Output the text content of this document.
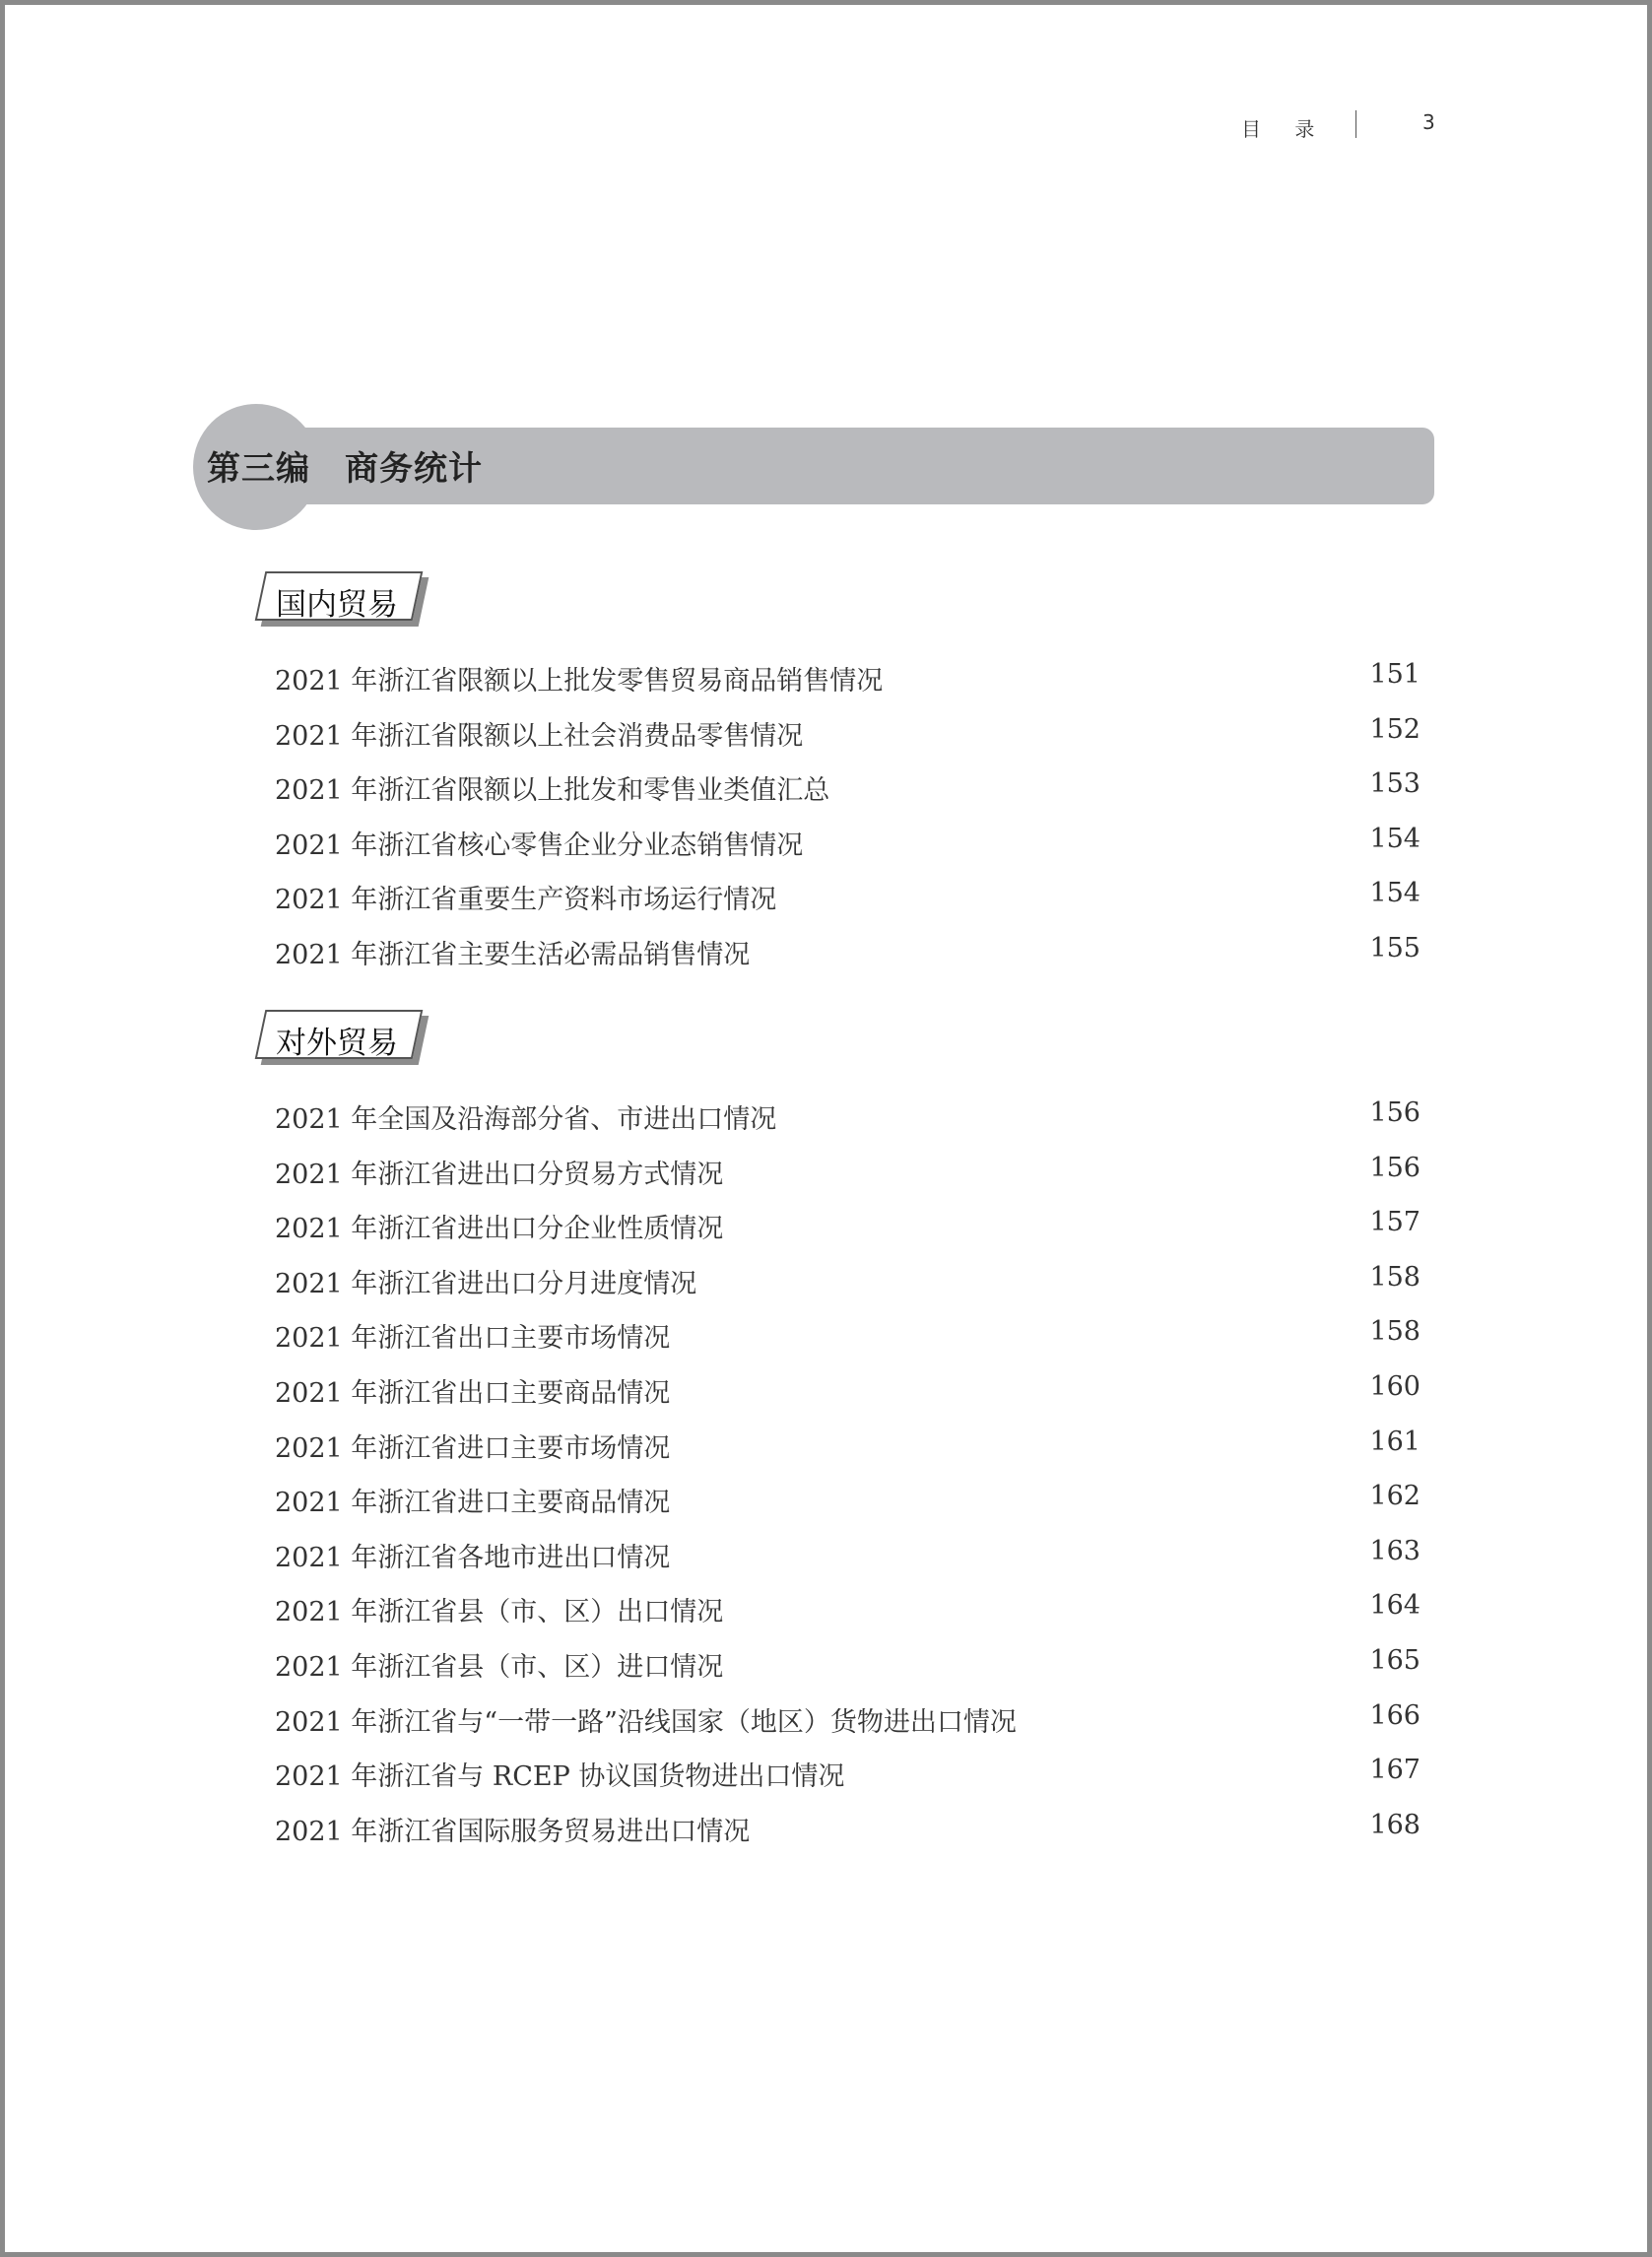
目 录	3
第三编　商务统计
国内贸易
2021 年浙江省限额以上批发零售贸易商品销售情况	151
2021 年浙江省限额以上社会消费品零售情况	152
2021 年浙江省限额以上批发和零售业类值汇总	153
2021 年浙江省核心零售企业分业态销售情况	154
2021 年浙江省重要生产资料市场运行情况	154
2021 年浙江省主要生活必需品销售情况	155
对外贸易
2021 年全国及沿海部分省、市进出口情况	156
2021 年浙江省进出口分贸易方式情况	156
2021 年浙江省进出口分企业性质情况	157
2021 年浙江省进出口分月进度情况	158
2021 年浙江省出口主要市场情况	158
2021 年浙江省出口主要商品情况	160
2021 年浙江省进口主要市场情况	161
2021 年浙江省进口主要商品情况	162
2021 年浙江省各地市进出口情况	163
2021 年浙江省县（市、区）出口情况	164
2021 年浙江省县（市、区）进口情况	165
2021 年浙江省与“一带一路”沿线国家（地区）货物进出口情况	166
2021 年浙江省与 RCEP 协议国货物进出口情况	167
2021 年浙江省国际服务贸易进出口情况	168
